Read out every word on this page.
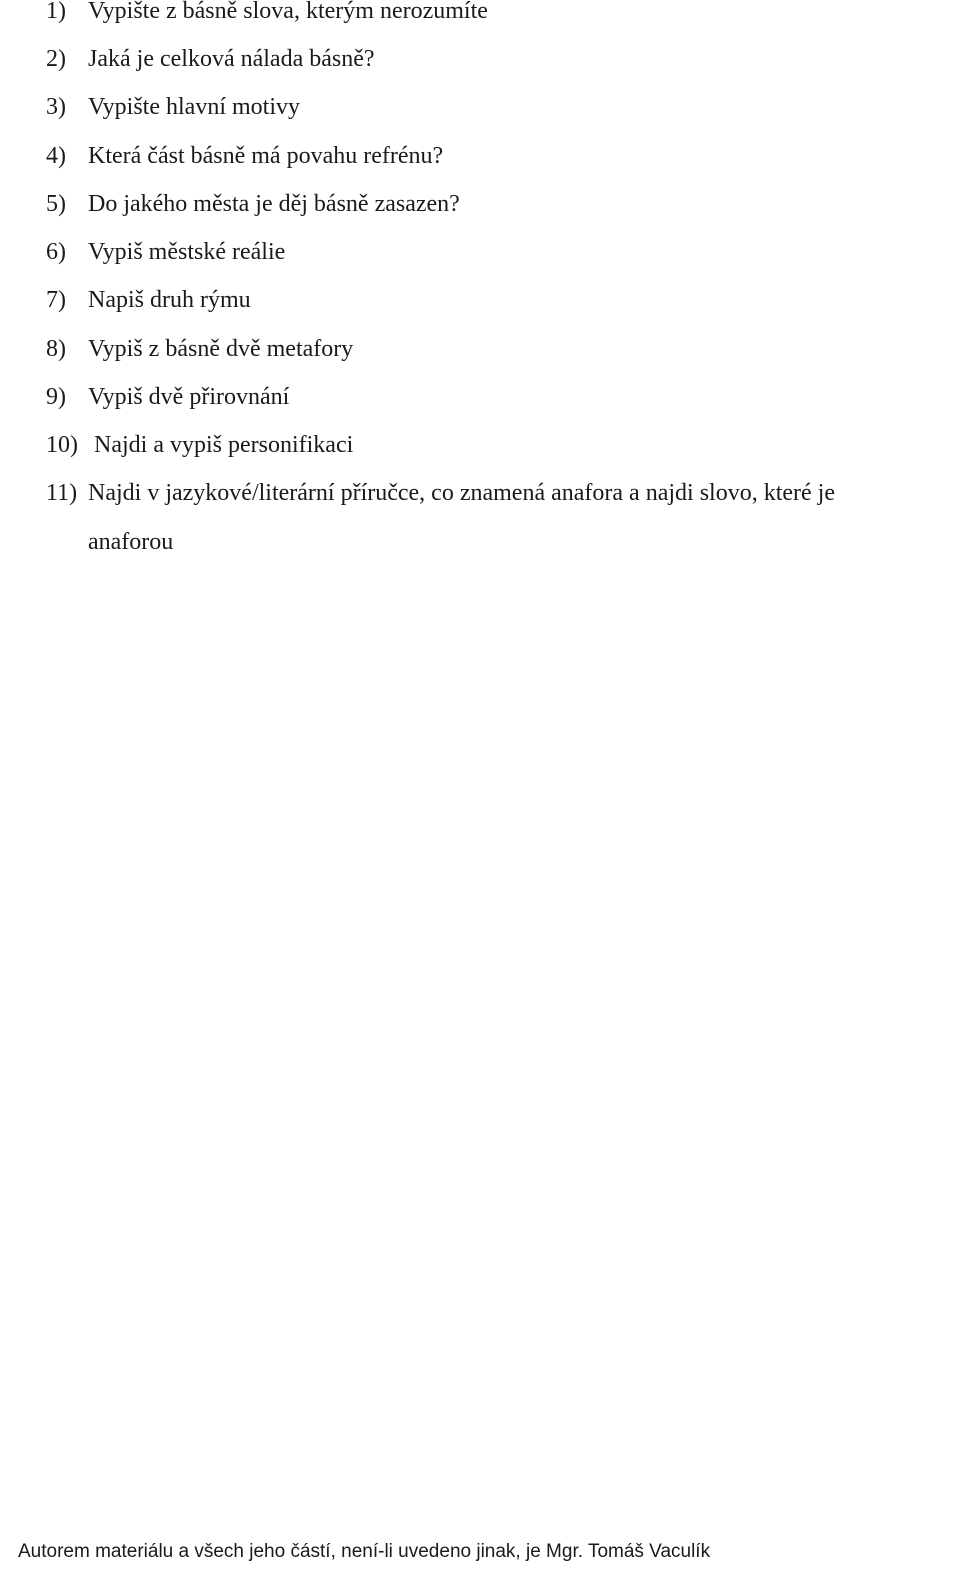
1) Vypište z básně slova, kterým nerozumíte
2) Jaká je celková nálada básně?
3) Vypište hlavní motivy
4) Která část básně má povahu refrénu?
5) Do jakého města je děj básně zasazen?
6) Vypiš městské reálie
7) Napiš druh rýmu
8) Vypiš z básně dvě metafory
9) Vypiš dvě přirovnání
10) Najdi a vypiš personifikaci
11) Najdi v jazykové/literární příručce, co znamená anafora a najdi slovo, které je
anaforou
Autorem materiálu a všech jeho částí, není-li uvedeno jinak, je Mgr. Tomáš Vaculík
